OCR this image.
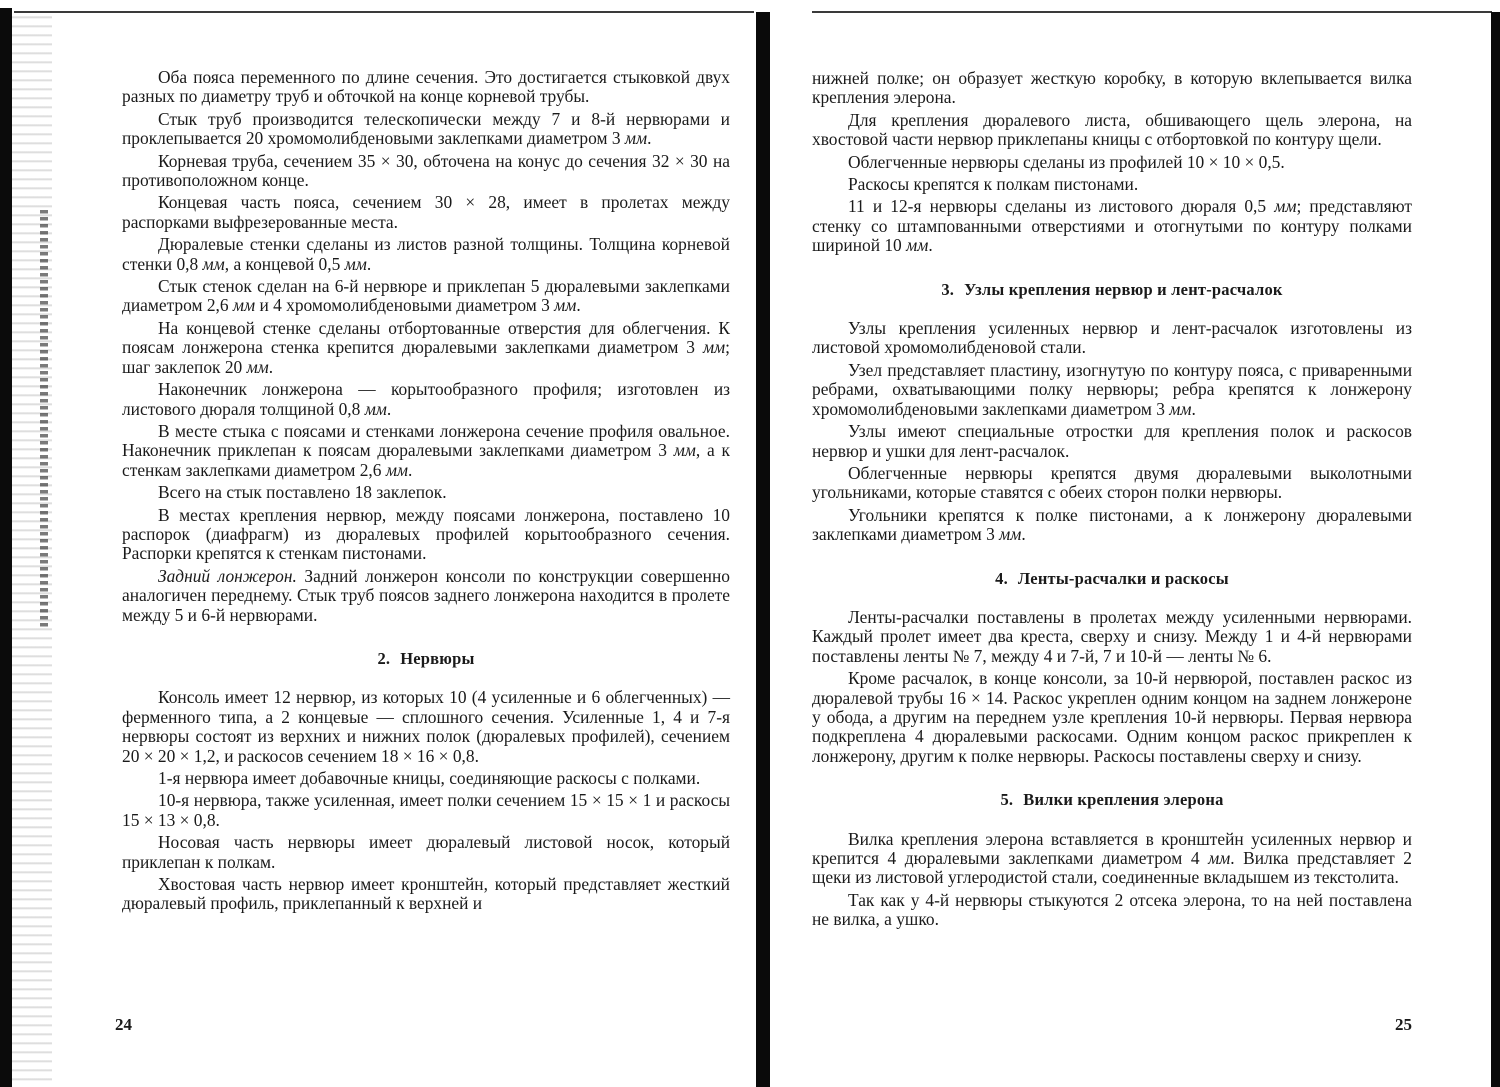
Оба пояса переменного по длине сечения. Это достигается стыковкой двух разных по диаметру труб и обточкой на конце корневой трубы.

Стык труб производится телескопически между 7 и 8-й нервюрами и проклепывается 20 хромомолибденовыми заклепками диаметром 3 мм.

Корневая труба, сечением 35 × 30, обточена на конус до сечения 32 × 30 на противоположном конце.

Концевая часть пояса, сечением 30 × 28, имеет в пролетах между распорками выфрезерованные места.

Дюралевые стенки сделаны из листов разной толщины. Толщина корневой стенки 0,8 мм, а концевой 0,5 мм.

Стык стенок сделан на 6-й нервюре и приклепан 5 дюралевыми заклепками диаметром 2,6 мм и 4 хромомолибденовыми диаметром 3 мм.

На концевой стенке сделаны отбортованные отверстия для облегчения. К поясам лонжерона стенка крепится дюралевыми заклепками диаметром 3 мм; шаг заклепок 20 мм.

Наконечник лонжерона — корытообразного профиля; изготовлен из листового дюраля толщиной 0,8 мм.

В месте стыка с поясами и стенками лонжерона сечение профиля овальное. Наконечник приклепан к поясам дюралевыми заклепками диаметром 3 мм, а к стенкам заклепками диаметром 2,6 мм.

Всего на стык поставлено 18 заклепок.

В местах крепления нервюр, между поясами лонжерона, поставлено 10 распорок (диафрагм) из дюралевых профилей корытообразного сечения. Распорки крепятся к стенкам пистонами.

Задний лонжерон. Задний лонжерон консоли по конструкции совершенно аналогичен переднему. Стык труб поясов заднего лонжерона находится в пролете между 5 и 6-й нервюрами.

2. Нервюры

Консоль имеет 12 нервюр, из которых 10 (4 усиленные и 6 облегченных) — ферменного типа, а 2 концевые — сплошного сечения. Усиленные 1, 4 и 7-я нервюры состоят из верхних и нижних полок (дюралевых профилей), сечением 20 × 20 × 1,2, и раскосов сечением 18 × 16 × 0,8.

1-я нервюра имеет добавочные кницы, соединяющие раскосы с полками.

10-я нервюра, также усиленная, имеет полки сечением 15 × 15 × 1 и раскосы 15 × 13 × 0,8.

Носовая часть нервюры имеет дюралевый листовой носок, который приклепан к полкам.

Хвостовая часть нервюр имеет кронштейн, который представляет жесткий дюралевый профиль, приклепанный к верхней и

нижней полке; он образует жесткую коробку, в которую вклепывается вилка крепления элерона.

Для крепления дюралевого листа, обшивающего щель элерона, на хвостовой части нервюр приклепаны кницы с отбортовкой по контуру щели.

Облегченные нервюры сделаны из профилей 10 × 10 × 0,5.

Раскосы крепятся к полкам пистонами.

11 и 12-я нервюры сделаны из листового дюраля 0,5 мм; представляют стенку со штампованными отверстиями и отогнутыми по контуру полками шириной 10 мм.

3. Узлы крепления нервюр и лент-расчалок

Узлы крепления усиленных нервюр и лент-расчалок изготовлены из листовой хромомолибденовой стали.

Узел представляет пластину, изогнутую по контуру пояса, с приваренными ребрами, охватывающими полку нервюры; ребра крепятся к лонжерону хромомолибденовыми заклепками диаметром 3 мм.

Узлы имеют специальные отростки для крепления полок и раскосов нервюр и ушки для лент-расчалок.

Облегченные нервюры крепятся двумя дюралевыми выколотными угольниками, которые ставятся с обеих сторон полки нервюры.

Угольники крепятся к полке пистонами, а к лонжерону дюралевыми заклепками диаметром 3 мм.

4. Ленты-расчалки и раскосы

Ленты-расчалки поставлены в пролетах между усиленными нервюрами. Каждый пролет имеет два креста, сверху и снизу. Между 1 и 4-й нервюрами поставлены ленты № 7, между 4 и 7-й, 7 и 10-й — ленты № 6.

Кроме расчалок, в конце консоли, за 10-й нервюрой, поставлен раскос из дюралевой трубы 16 × 14. Раскос укреплен одним концом на заднем лонжероне у обода, а другим на переднем узле крепления 10-й нервюры. Первая нервюра подкреплена 4 дюралевыми раскосами. Одним концом раскос прикреплен к лонжерону, другим к полке нервюры. Раскосы поставлены сверху и снизу.

5. Вилки крепления элерона

Вилка крепления элерона вставляется в кронштейн усиленных нервюр и крепится 4 дюралевыми заклепками диаметром 4 мм. Вилка представляет 2 щеки из листовой углеродистой стали, соединенные вкладышем из текстолита.

Так как у 4-й нервюры стыкуются 2 отсека элерона, то на ней поставлена не вилка, а ушко.

24	25
